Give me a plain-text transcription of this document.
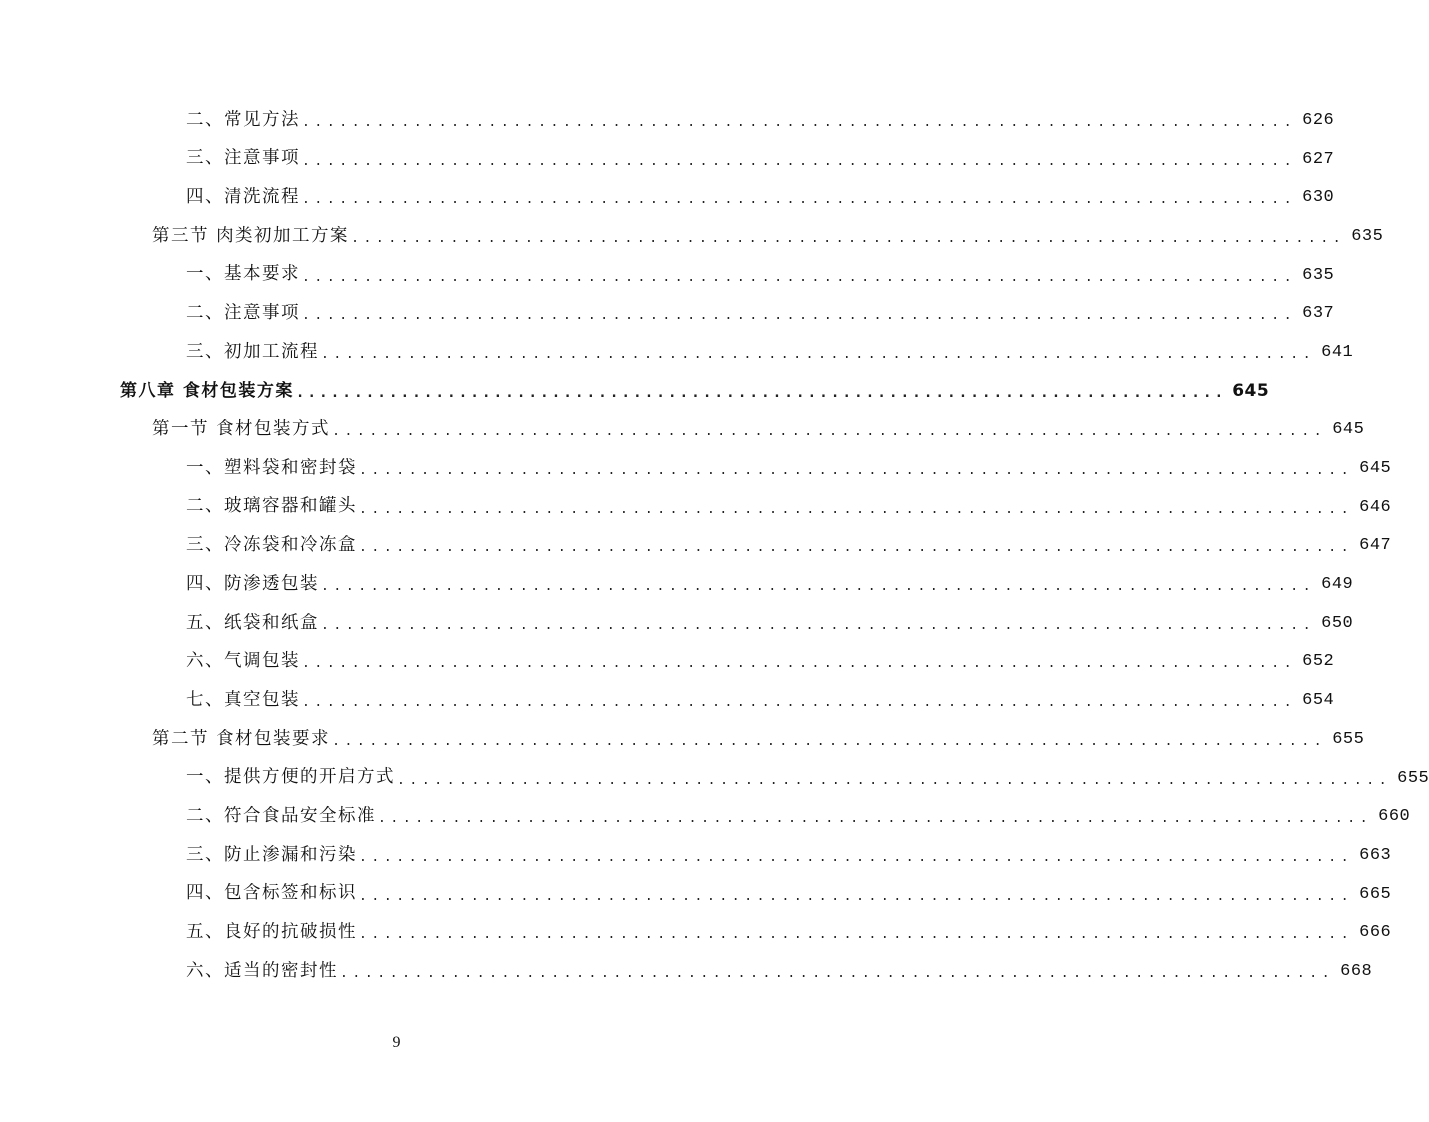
二、常见方法 ................................................................................ 626
三、注意事项 ................................................................................ 627
四、清洗流程 ................................................................................ 630
第三节 肉类初加工方案 ................................................................................ 635
一、基本要求 ................................................................................ 635
二、注意事项 ................................................................................ 637
三、初加工流程 ................................................................................ 641
第八章 食材包装方案 ................................................................................ 645
第一节 食材包装方式 ................................................................................ 645
一、塑料袋和密封袋 ................................................................................ 645
二、玻璃容器和罐头 ................................................................................ 646
三、冷冻袋和冷冻盒 ................................................................................ 647
四、防渗透包装 ................................................................................ 649
五、纸袋和纸盒 ................................................................................ 650
六、气调包装 ................................................................................ 652
七、真空包装 ................................................................................ 654
第二节 食材包装要求 ................................................................................ 655
一、提供方便的开启方式 ................................................................................ 655
二、符合食品安全标准 ................................................................................ 660
三、防止渗漏和污染 ................................................................................ 663
四、包含标签和标识 ................................................................................ 665
五、良好的抗破损性 ................................................................................ 666
六、适当的密封性 ................................................................................ 668
9
